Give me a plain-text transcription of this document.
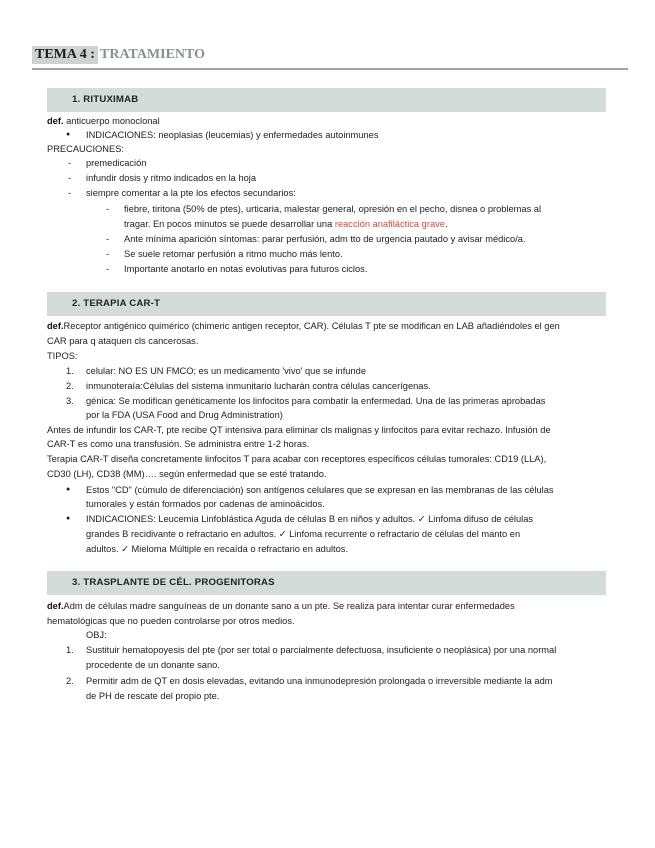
TEMA 4 : TRATAMIENTO
1. RITUXIMAB
def. anticuerpo monoclonal
● INDICACIONES: neoplasias (leucemias) y enfermedades autoinmunes
PRECAUCIONES:
- premedicación
- infundir dosis y ritmo indicados en la hoja
- siempre comentar a la pte los efectos secundarios:
- fiebre, tiritona (50% de ptes), urticaria, malestar general, opresión en el pecho, disnea o problemas al
tragar. En pocos minutos se puede desarrollar una reacción anafiláctica grave.
- Ante mínima aparición síntomas: parar perfusión, adm tto de urgencia pautado y avisar médico/a.
- Se suele retomar perfusión a ritmo mucho más lento.
- Importante anotarlo en notas evolutivas para futuros ciclos.
2. TERAPIA CAR-T
def.Receptor antigénico quimérico (chimeric antigen receptor, CAR). Células T pte se modifican en LAB añadiéndoles el gen
CAR para q ataquen cls cancerosas.
TIPOS:
1. celular: NO ES UN FMCO; es un medicamento 'vivo' que se infunde
2. inmunoteraía:Células del sistema inmunitario lucharán contra células cancerígenas.
3. génica: Se modifican genéticamente los linfocitos para combatir la enfermedad. Una de las primeras aprobadas
por la FDA (USA Food and Drug Administration)
Antes de infundir los CAR-T, pte recibe QT intensiva para eliminar cls malignas y linfocitos para evitar rechazo. Infusión de
CAR-T es como una transfusión. Se administra entre 1-2 horas.
Terapia CAR-T diseña concretamente linfocitos T para acabar con receptores específicos células tumorales: CD19 (LLA),
CD30 (LH), CD38 (MM)…. según enfermedad que se esté tratando.
● Estos "CD" (cúmulo de diferenciación) son antígenos celulares que se expresan en las membranas de las células
tumorales y están formados por cadenas de aminoácidos.
● INDICACIONES: Leucemia Linfoblástica Aguda de células B en niños y adultos. ✓ Linfoma difuso de células
grandes B recidivante o refractario en adultos. ✓ Linfoma recurrente o refractario de células del manto en
adultos. ✓ Mieloma Múltiple en recaída o refractario en adultos.
3. TRASPLANTE DE CÉL. PROGENITORAS
def.Adm de células madre sanguíneas de un donante sano a un pte. Se realiza para intentar curar enfermedades
hematológicas que no pueden controlarse por otros medios.
OBJ:
1. Sustituir hematopoyesis del pte (por ser total o parcialmente defectuosa, insuficiente o neoplásica) por una normal
procedente de un donante sano.
2. Permitir adm de QT en dosis elevadas, evitando una inmunodepresión prolongada o irreversible mediante la adm
de PH de rescate del propio pte.
